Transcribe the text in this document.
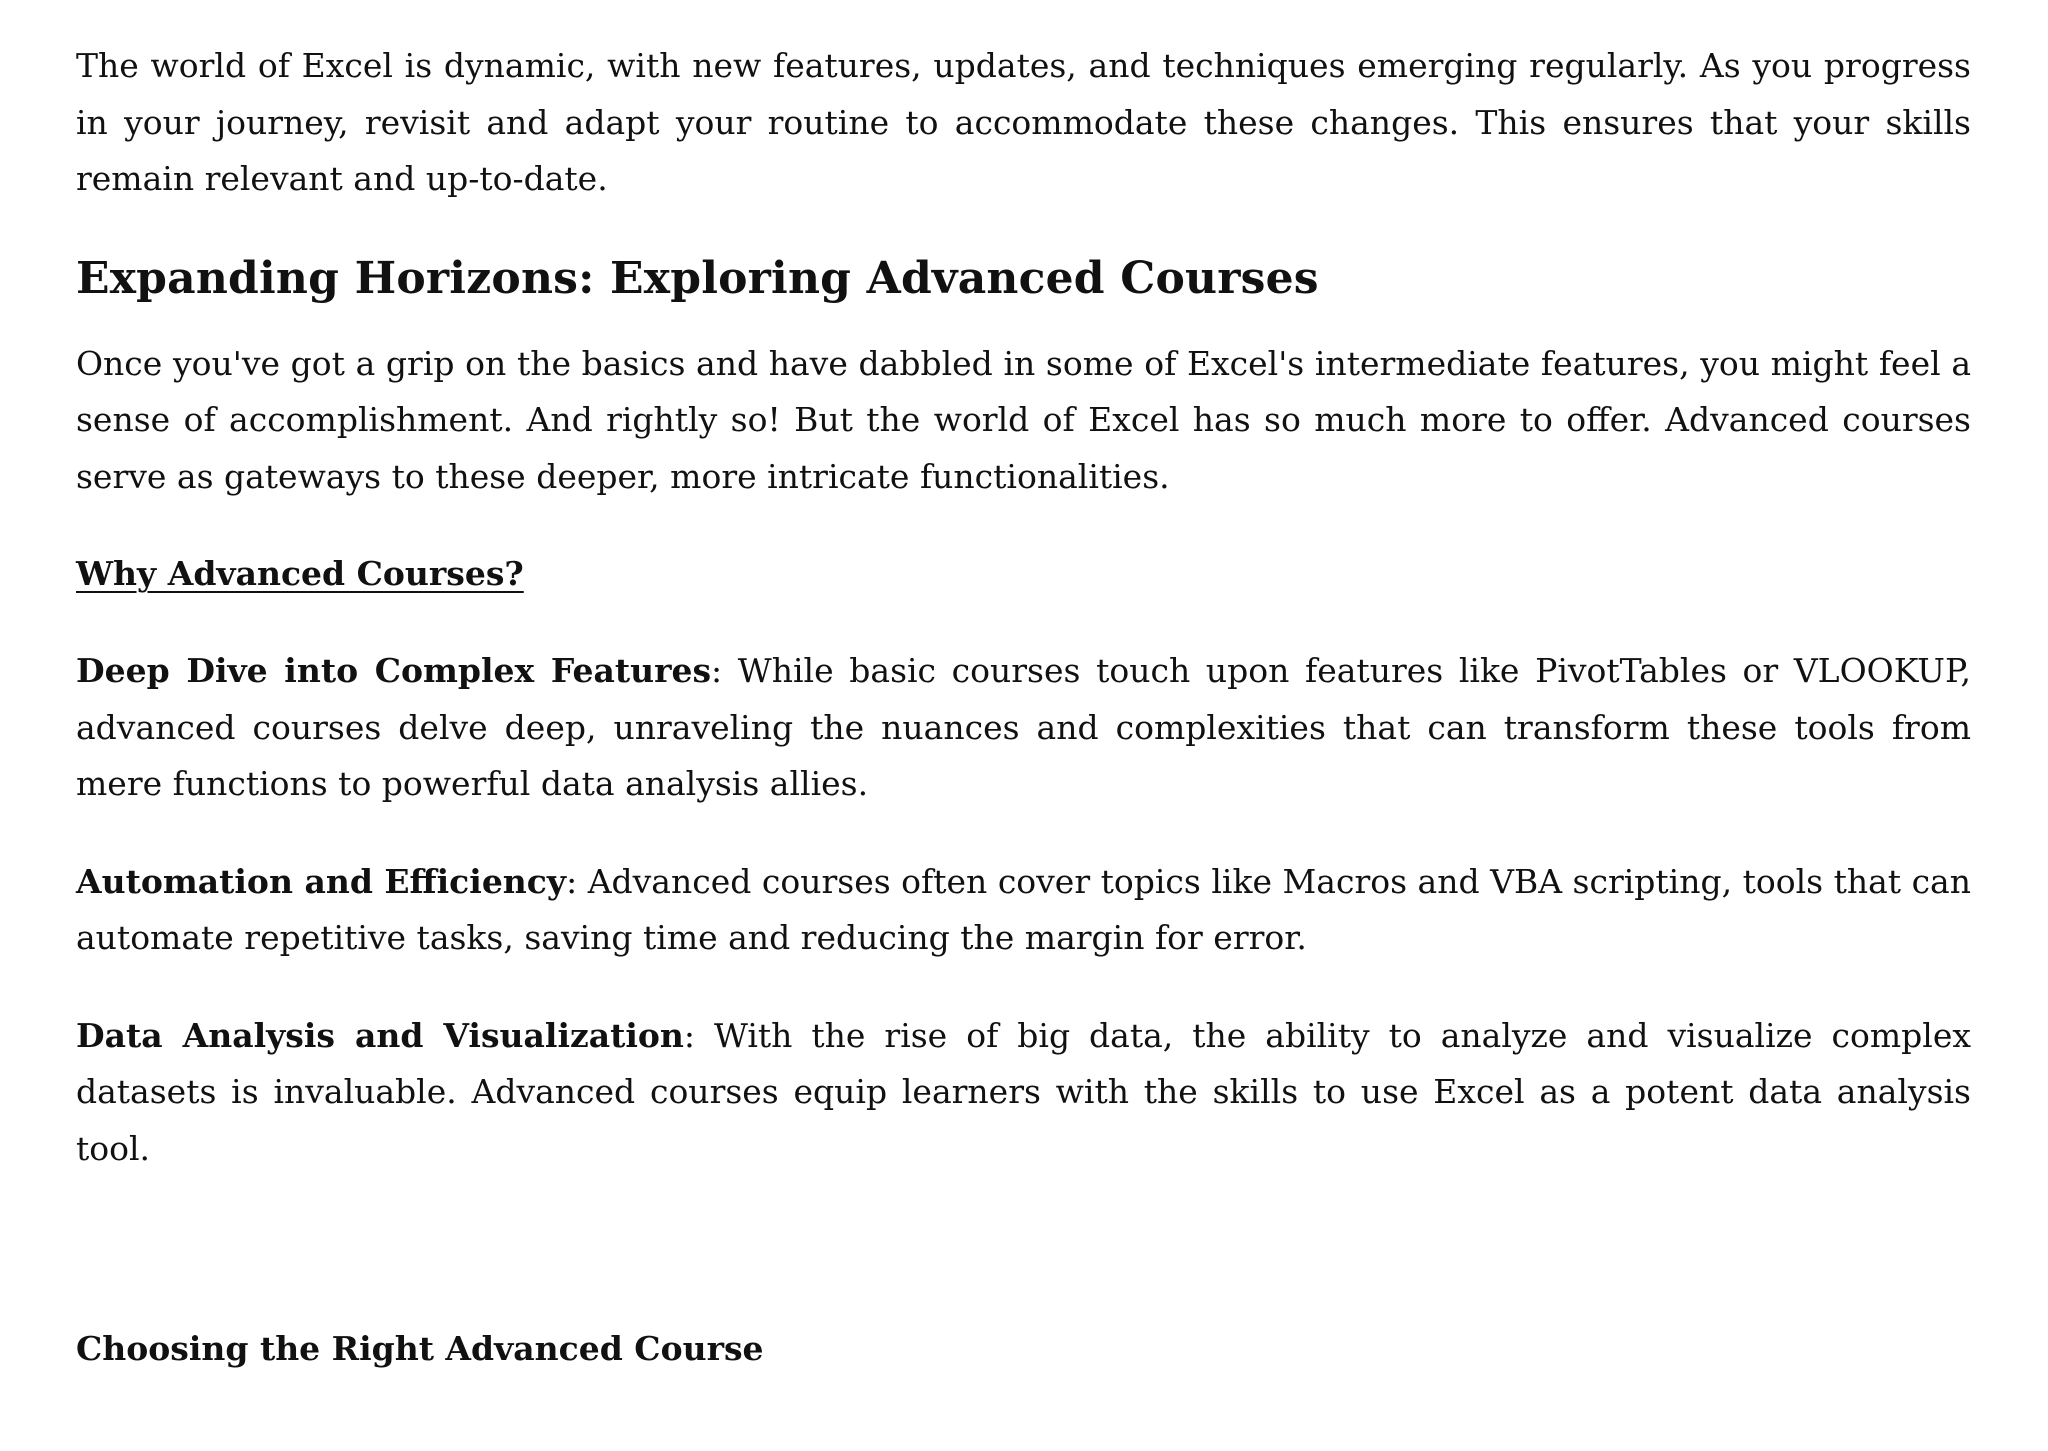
The world of Excel is dynamic, with new features, updates, and techniques emerging regularly. As you progress in your journey, revisit and adapt your routine to accommodate these changes. This ensures that your skills remain relevant and up-to-date.

Expanding Horizons: Exploring Advanced Courses

Once you've got a grip on the basics and have dabbled in some of Excel's intermediate features, you might feel a sense of accomplishment. And rightly so! But the world of Excel has so much more to offer. Advanced courses serve as gateways to these deeper, more intricate functionalities.

Why Advanced Courses?

Deep Dive into Complex Features: While basic courses touch upon features like PivotTables or VLOOKUP, advanced courses delve deep, unraveling the nuances and complexities that can transform these tools from mere functions to powerful data analysis allies.

Automation and Efficiency: Advanced courses often cover topics like Macros and VBA scripting, tools that can automate repetitive tasks, saving time and reducing the margin for error.

Data Analysis and Visualization: With the rise of big data, the ability to analyze and visualize complex datasets is invaluable. Advanced courses equip learners with the skills to use Excel as a potent data analysis tool.

Choosing the Right Advanced Course
